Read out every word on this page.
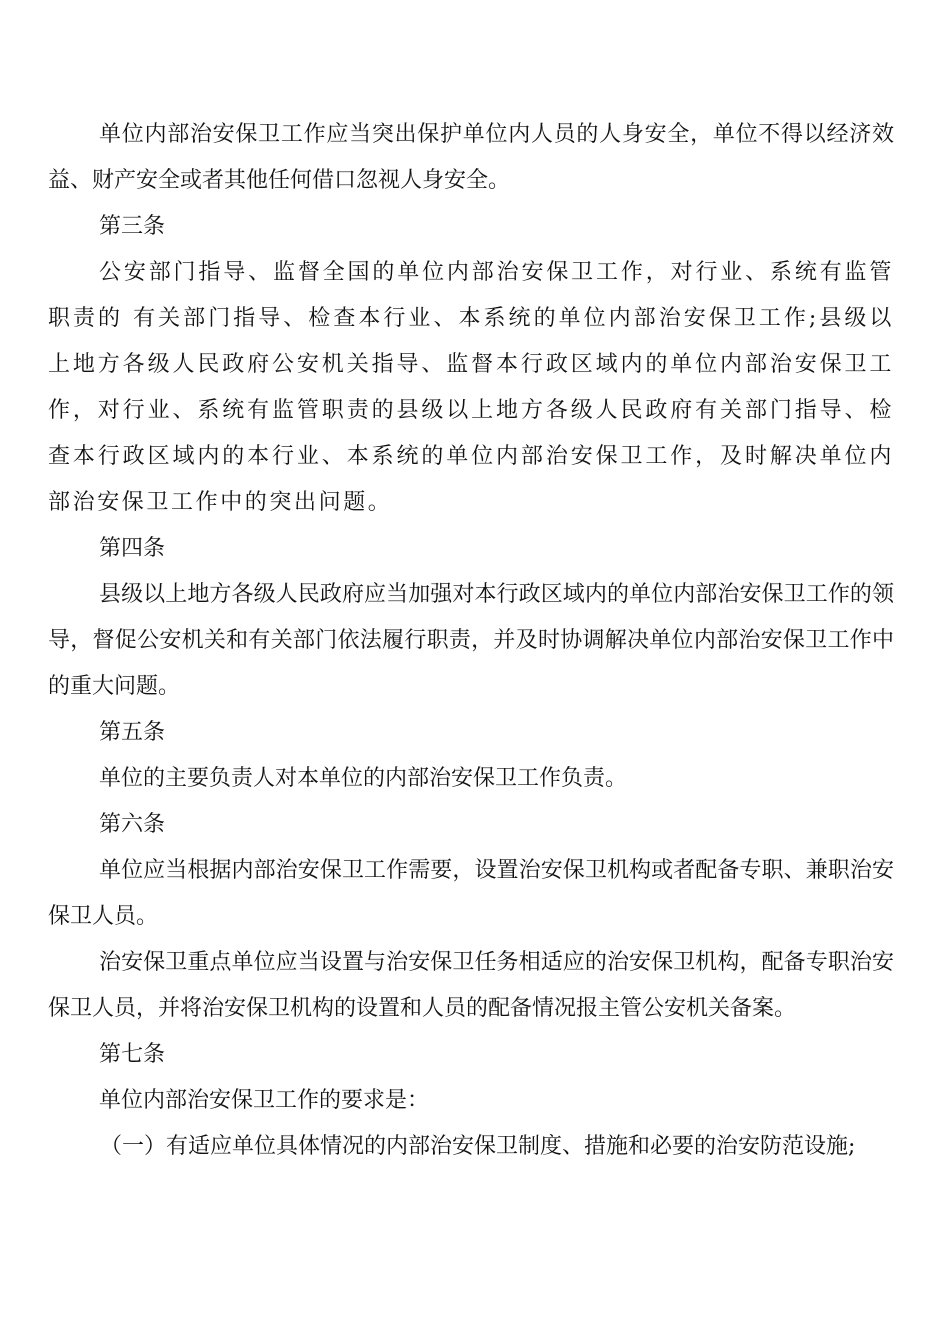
单位内部治安保卫工作应当突出保护单位内人员的人身安全，单位不得以经济效益、财产安全或者其他任何借口忽视人身安全。

第三条

公安部门指导、监督全国的单位内部治安保卫工作，对行业、系统有监管职责的 有关部门指导、检查本行业、本系统的单位内部治安保卫工作;县级以上地方各级人民政府公安机关指导、监督本行政区域内的单位内部治安保卫工作，对行业、系统有监管职责的县级以上地方各级人民政府有关部门指导、检查本行政区域内的本行业、本系统的单位内部治安保卫工作，及时解决单位内部治安保卫工作中的突出问题。

第四条

县级以上地方各级人民政府应当加强对本行政区域内的单位内部治安保卫工作的领导，督促公安机关和有关部门依法履行职责，并及时协调解决单位内部治安保卫工作中的重大问题。

第五条

单位的主要负责人对本单位的内部治安保卫工作负责。

第六条

单位应当根据内部治安保卫工作需要，设置治安保卫机构或者配备专职、兼职治安保卫人员。

治安保卫重点单位应当设置与治安保卫任务相适应的治安保卫机构，配备专职治安保卫人员，并将治安保卫机构的设置和人员的配备情况报主管公安机关备案。

第七条

单位内部治安保卫工作的要求是：

（一）有适应单位具体情况的内部治安保卫制度、措施和必要的治安防范设施;
